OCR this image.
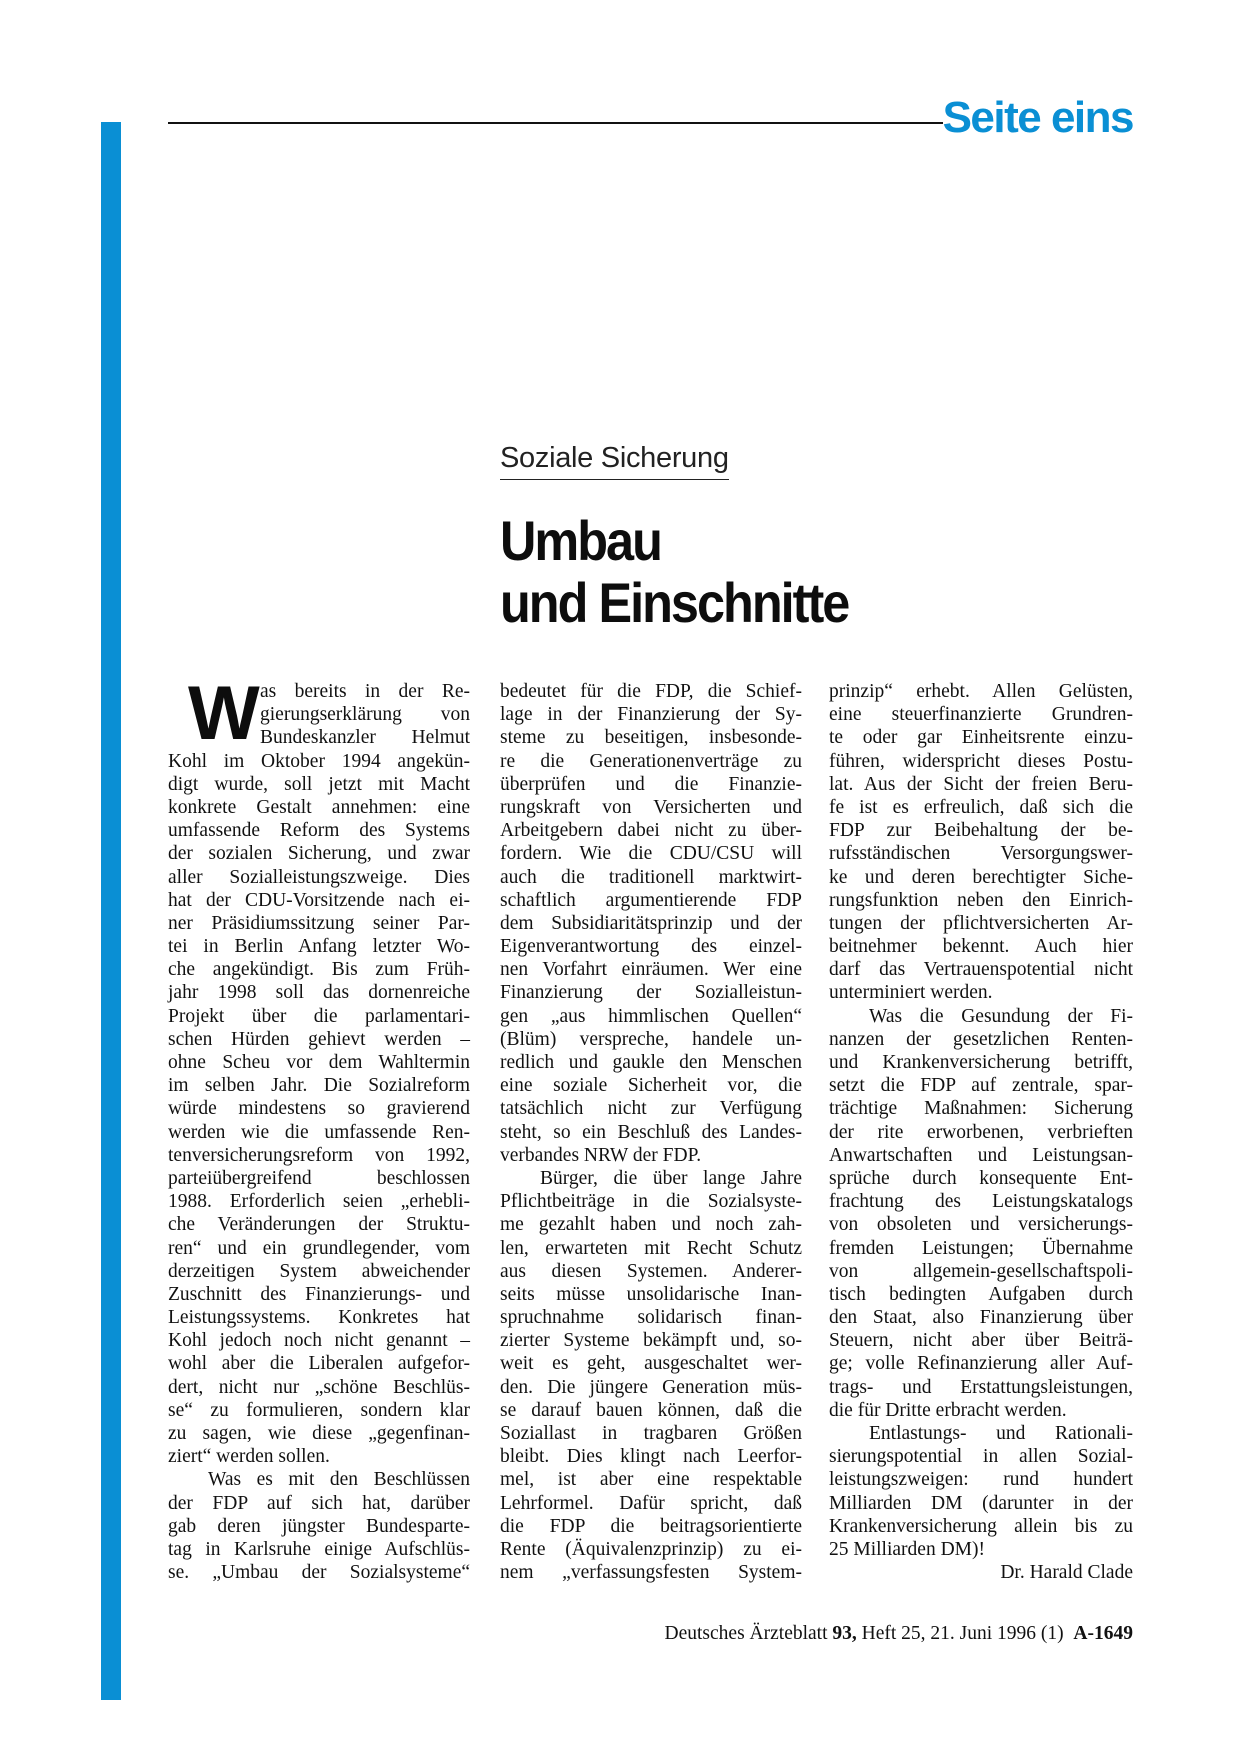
Seite eins
Soziale Sicherung
Umbau
und Einschnitte
W as bereits in der Re-
gierungserklärung von
Bundeskanzler Helmut
Kohl im Oktober 1994 angekün-
digt wurde, soll jetzt mit Macht
konkrete Gestalt annehmen: eine
umfassende Reform des Systems
der sozialen Sicherung, und zwar
aller Sozialleistungszweige. Dies
hat der CDU-Vorsitzende nach ei-
ner Präsidiumssitzung seiner Par-
tei in Berlin Anfang letzter Wo-
che angekündigt. Bis zum Früh-
jahr 1998 soll das dornenreiche
Projekt über die parlamentari-
schen Hürden gehievt werden –
ohne Scheu vor dem Wahltermin
im selben Jahr. Die Sozialreform
würde mindestens so gravierend
werden wie die umfassende Ren-
tenversicherungsreform von 1992,
parteiübergreifend beschlossen
1988. Erforderlich seien „erhebli-
che Veränderungen der Struktu-
ren“ und ein grundlegender, vom
derzeitigen System abweichender
Zuschnitt des Finanzierungs- und
Leistungssystems. Konkretes hat
Kohl jedoch noch nicht genannt –
wohl aber die Liberalen aufgefor-
dert, nicht nur „schöne Beschlüs-
se“ zu formulieren, sondern klar
zu sagen, wie diese „gegenfinan-
ziert“ werden sollen.
Was es mit den Beschlüssen
der FDP auf sich hat, darüber
gab deren jüngster Bundesparte-
tag in Karlsruhe einige Aufschlüs-
se. „Umbau der Sozialsysteme“
bedeutet für die FDP, die Schief-
lage in der Finanzierung der Sy-
steme zu beseitigen, insbesonde-
re die Generationenverträge zu
überprüfen und die Finanzie-
rungskraft von Versicherten und
Arbeitgebern dabei nicht zu über-
fordern. Wie die CDU/CSU will
auch die traditionell marktwirt-
schaftlich argumentierende FDP
dem Subsidiaritätsprinzip und der
Eigenverantwortung des einzel-
nen Vorfahrt einräumen. Wer eine
Finanzierung der Sozialleistun-
gen „aus himmlischen Quellen“
(Blüm) verspreche, handele un-
redlich und gaukle den Menschen
eine soziale Sicherheit vor, die
tatsächlich nicht zur Verfügung
steht, so ein Beschluß des Landes-
verbandes NRW der FDP.
Bürger, die über lange Jahre
Pflichtbeiträge in die Sozialsyste-
me gezahlt haben und noch zah-
len, erwarteten mit Recht Schutz
aus diesen Systemen. Anderer-
seits müsse unsolidarische Inan-
spruchnahme solidarisch finan-
zierter Systeme bekämpft und, so-
weit es geht, ausgeschaltet wer-
den. Die jüngere Generation müs-
se darauf bauen können, daß die
Soziallast in tragbaren Größen
bleibt. Dies klingt nach Leerfor-
mel, ist aber eine respektable
Lehrformel. Dafür spricht, daß
die FDP die beitragsorientierte
Rente (Äquivalenzprinzip) zu ei-
nem „verfassungsfesten System-
prinzip“ erhebt. Allen Gelüsten,
eine steuerfinanzierte Grundren-
te oder gar Einheitsrente einzu-
führen, widerspricht dieses Postu-
lat. Aus der Sicht der freien Beru-
fe ist es erfreulich, daß sich die
FDP zur Beibehaltung der be-
rufsständischen Versorgungswer-
ke und deren berechtigter Siche-
rungsfunktion neben den Einrich-
tungen der pflichtversicherten Ar-
beitnehmer bekennt. Auch hier
darf das Vertrauenspotential nicht
unterminiert werden.
Was die Gesundung der Fi-
nanzen der gesetzlichen Renten-
und Krankenversicherung betrifft,
setzt die FDP auf zentrale, spar-
trächtige Maßnahmen: Sicherung
der rite erworbenen, verbrieften
Anwartschaften und Leistungsan-
sprüche durch konsequente Ent-
frachtung des Leistungskatalogs
von obsoleten und versicherungs-
fremden Leistungen; Übernahme
von allgemein-gesellschaftspoli-
tisch bedingten Aufgaben durch
den Staat, also Finanzierung über
Steuern, nicht aber über Beiträ-
ge; volle Refinanzierung aller Auf-
trags- und Erstattungsleistungen,
die für Dritte erbracht werden.
Entlastungs- und Rationali-
sierungspotential in allen Sozial-
leistungszweigen: rund hundert
Milliarden DM (darunter in der
Krankenversicherung allein bis zu
25 Milliarden DM)!
Dr. Harald Clade
Deutsches Ärzteblatt 93, Heft 25, 21. Juni 1996 (1) A-1649
